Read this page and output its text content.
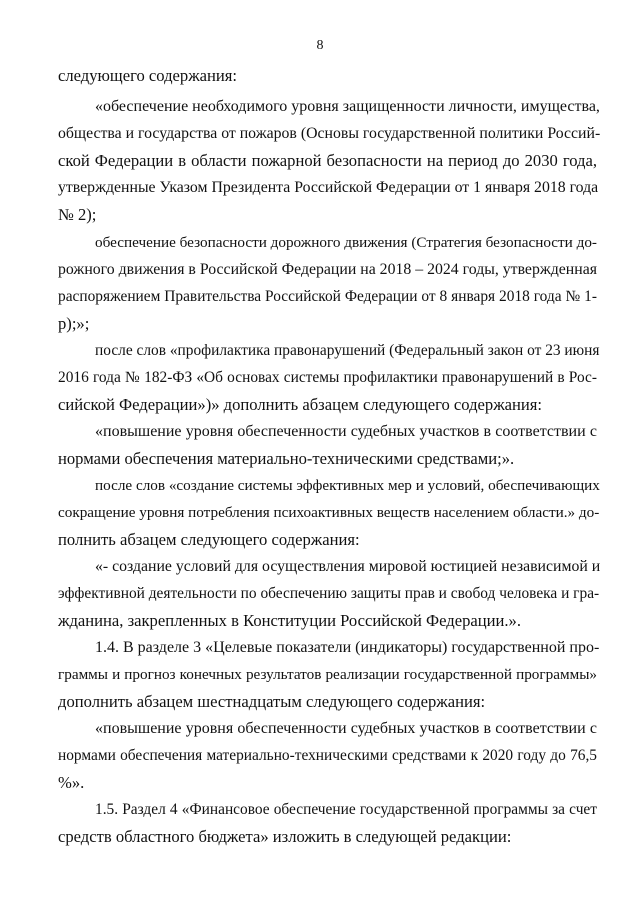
8
следующего содержания:
«обеспечение необходимого уровня защищенности личности, имущества,
общества и государства от пожаров (Основы государственной политики Россий-
ской Федерации в области пожарной безопасности на период до 2030 года,
утвержденные Указом Президента Российской Федерации от 1 января 2018 года
№ 2);
обеспечение безопасности дорожного движения (Стратегия безопасности до-
рожного движения в Российской Федерации на 2018 – 2024 годы, утвержденная
распоряжением Правительства Российской Федерации от 8 января 2018 года № 1-
р);»;
после слов «профилактика правонарушений (Федеральный закон от 23 июня
2016 года № 182-ФЗ «Об основах системы профилактики правонарушений в Рос-
сийской Федерации»)» дополнить абзацем следующего содержания:
«повышение уровня обеспеченности судебных участков в соответствии с
нормами обеспечения материально-техническими средствами;».
после слов «создание системы эффективных мер и условий, обеспечивающих
сокращение уровня потребления психоактивных веществ населением области.» до-
полнить абзацем следующего содержания:
«- создание условий для осуществления мировой юстицией независимой и
эффективной деятельности по обеспечению защиты прав и свобод человека и гра-
жданина, закрепленных в Конституции Российской Федерации.».
1.4. В разделе 3 «Целевые показатели (индикаторы) государственной про-
граммы и прогноз конечных результатов реализации государственной программы»
дополнить абзацем шестнадцатым следующего содержания:
«повышение уровня обеспеченности судебных участков в соответствии с
нормами обеспечения материально-техническими средствами к 2020 году до 76,5
%».
1.5. Раздел 4 «Финансовое обеспечение государственной программы за счет
средств областного бюджета» изложить в следующей редакции:
